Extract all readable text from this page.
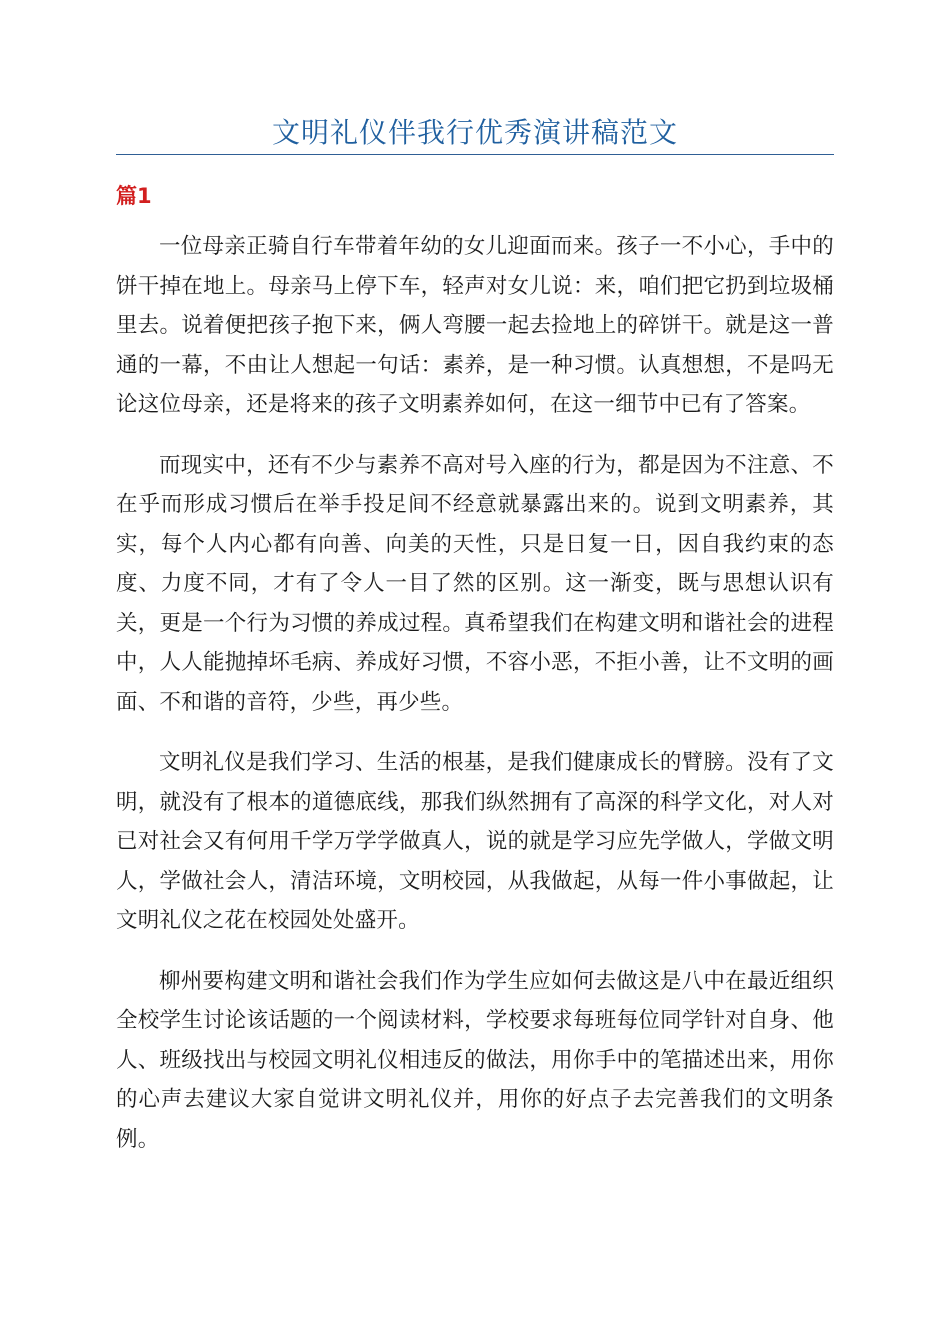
文明礼仪伴我行优秀演讲稿范文
篇1

一位母亲正骑自行车带着年幼的女儿迎面而来。孩子一不小心，手中的饼干掉在地上。母亲马上停下车，轻声对女儿说：来，咱们把它扔到垃圾桶里去。说着便把孩子抱下来，俩人弯腰一起去捡地上的碎饼干。就是这一普通的一幕，不由让人想起一句话：素养，是一种习惯。认真想想，不是吗无论这位母亲，还是将来的孩子文明素养如何，在这一细节中已有了答案。

而现实中，还有不少与素养不高对号入座的行为，都是因为不注意、不在乎而形成习惯后在举手投足间不经意就暴露出来的。说到文明素养，其实，每个人内心都有向善、向美的天性，只是日复一日，因自我约束的态度、力度不同，才有了令人一目了然的区别。这一渐变，既与思想认识有关，更是一个行为习惯的养成过程。真希望我们在构建文明和谐社会的进程中，人人能抛掉坏毛病、养成好习惯，不容小恶，不拒小善，让不文明的画面、不和谐的音符，少些，再少些。

文明礼仪是我们学习、生活的根基，是我们健康成长的臂膀。没有了文明，就没有了根本的道德底线，那我们纵然拥有了高深的科学文化，对人对已对社会又有何用千学万学学做真人，说的就是学习应先学做人，学做文明人，学做社会人，清洁环境，文明校园，从我做起，从每一件小事做起，让文明礼仪之花在校园处处盛开。

柳州要构建文明和谐社会我们作为学生应如何去做这是八中在最近组织全校学生讨论该话题的一个阅读材料，学校要求每班每位同学针对自身、他人、班级找出与校园文明礼仪相违反的做法，用你手中的笔描述出来，用你的心声去建议大家自觉讲文明礼仪并，用你的好点子去完善我们的文明条例。
